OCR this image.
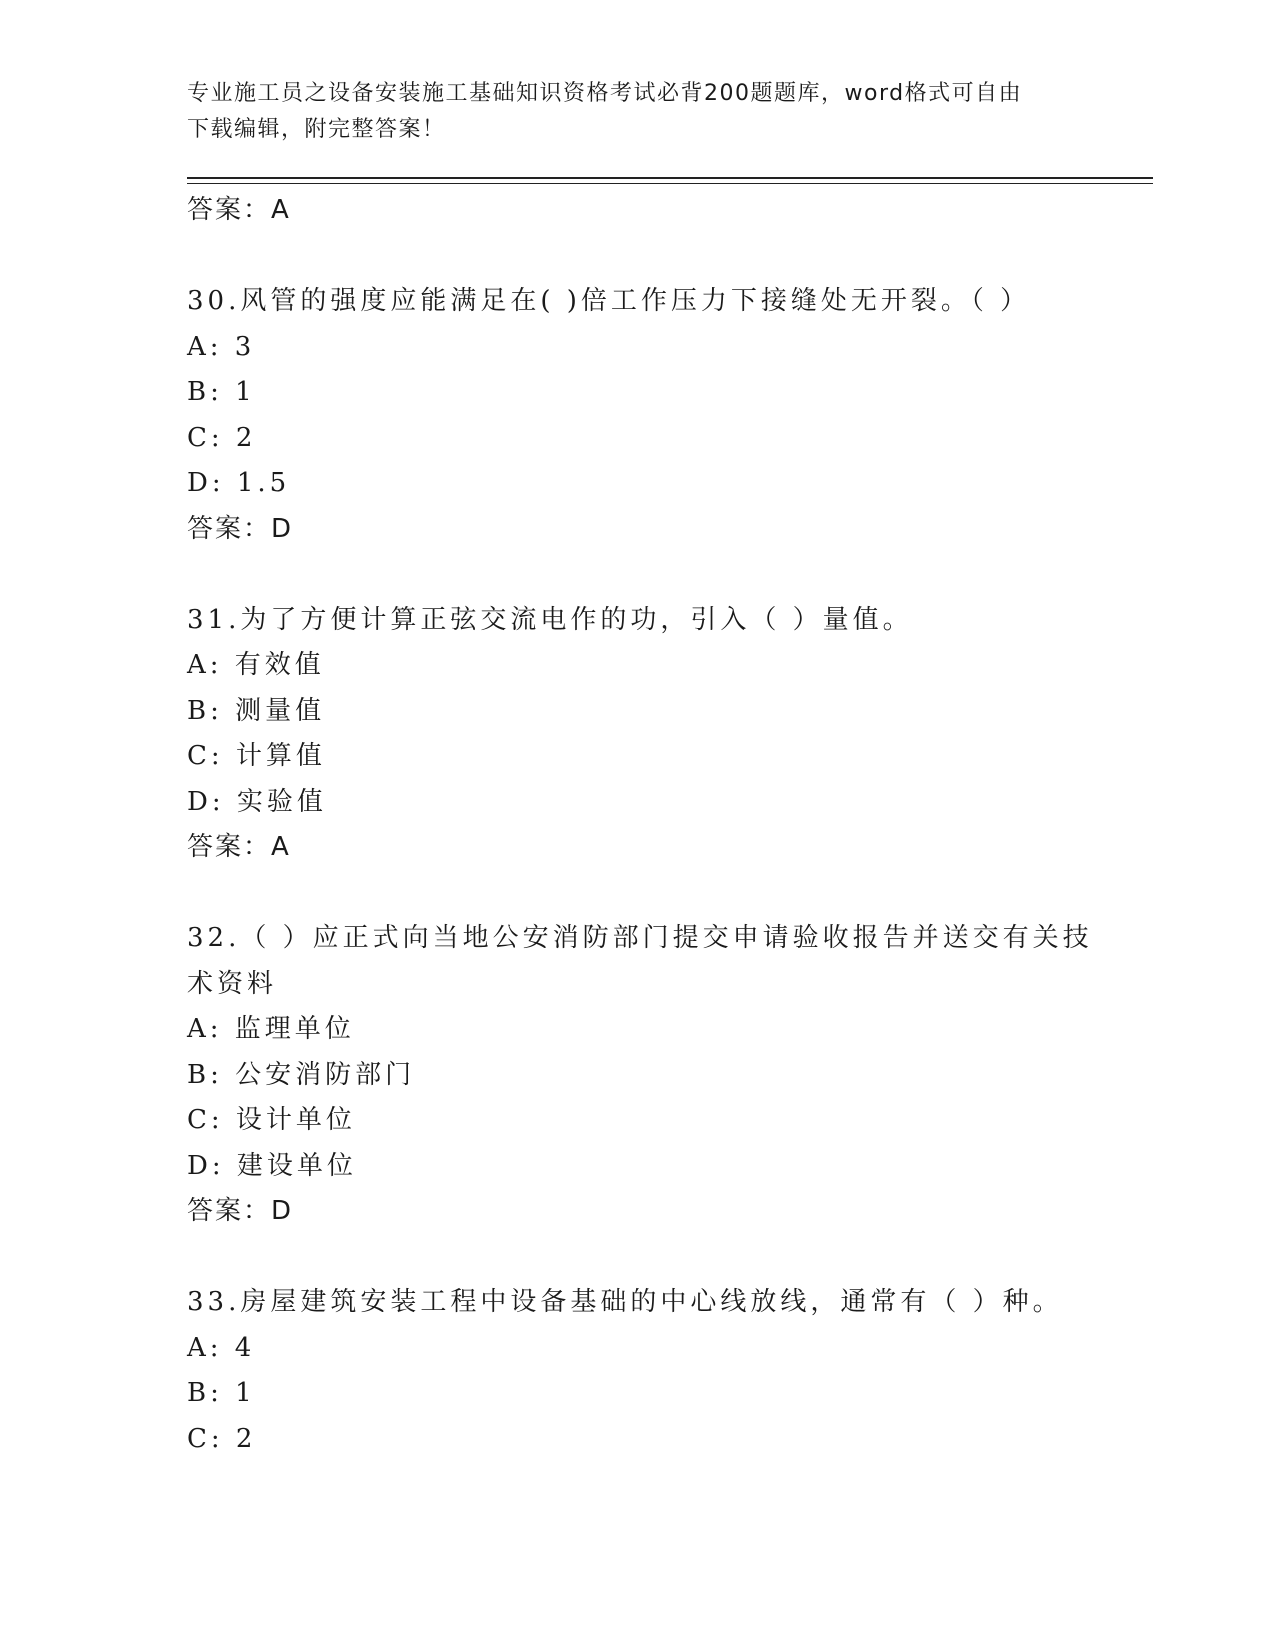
专业施工员之设备安装施工基础知识资格考试必背200题题库，word格式可自由
下载编辑，附完整答案！
答案：A
30.风管的强度应能满足在( )倍工作压力下接缝处无开裂。（ ）
A: 3
B: 1
C: 2
D: 1.5
答案：D
31.为了方便计算正弦交流电作的功，引入（ ）量值。
A: 有效值
B: 测量值
C: 计算值
D: 实验值
答案：A
32.（ ）应正式向当地公安消防部门提交申请验收报告并送交有关技
术资料
A: 监理单位
B: 公安消防部门
C: 设计单位
D: 建设单位
答案：D
33.房屋建筑安装工程中设备基础的中心线放线，通常有（ ）种。
A: 4
B: 1
C: 2
